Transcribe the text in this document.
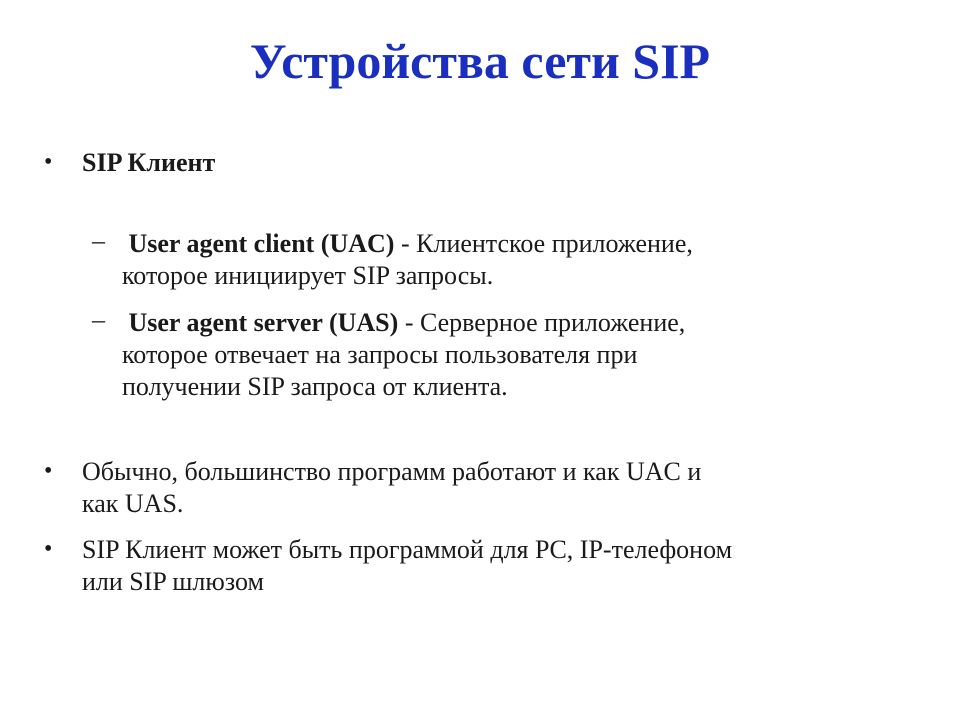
Устройства сети SIP
• SIP Клиент
– User agent client (UAC) - Клиентское приложение,
которое инициирует SIP запросы.
– User agent server (UAS) - Серверное приложение,
которое отвечает на запросы пользователя при
получении SIP запроса от клиента.
• Обычно, большинство программ работают и как UAC и
как UAS.
• SIP Клиент может быть программой для PC, IP-телефоном
или SIP шлюзом
